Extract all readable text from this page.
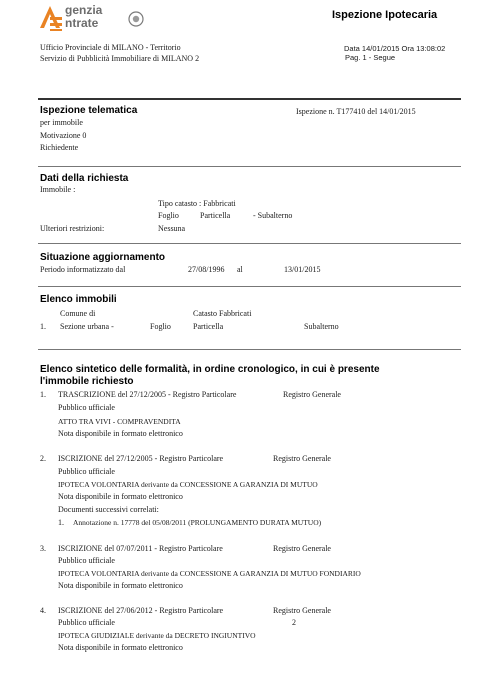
genzia
ntrate
Ispezione Ipotecaria
Ufficio Provinciale di MILANO - Territorio
Servizio di Pubblicità Immobiliare di MILANO 2
Data 14/01/2015 Ora 13:08:02
Pag. 1 - Segue
Ispezione telematica	Ispezione n. T177410 del 14/01/2015
per immobile
Motivazione 0
Richiedente
Dati della richiesta
Immobile :
Tipo catasto : Fabbricati
Foglio	Particella	- Subalterno
Ulteriori restrizioni:	Nessuna
Situazione aggiornamento
Periodo informatizzato dal	27/08/1996 al	13/01/2015
Elenco immobili
Comune di	Catasto Fabbricati
1. Sezione urbana -	Foglio	Particella	Subalterno
Elenco sintetico delle formalità, in ordine cronologico, in cui è presente
l'immobile richiesto
1. TRASCRIZIONE del 27/12/2005 - Registro Particolare	Registro Generale
Pubblico ufficiale
ATTO TRA VIVI - COMPRAVENDITA
Nota disponibile in formato elettronico
2. ISCRIZIONE del 27/12/2005 - Registro Particolare	Registro Generale
Pubblico ufficiale
IPOTECA VOLONTARIA derivante da CONCESSIONE A GARANZIA DI MUTUO
Nota disponibile in formato elettronico
Documenti successivi correlati:
1. Annotazione n. 17778 del 05/08/2011 (PROLUNGAMENTO DURATA MUTUO)
3. ISCRIZIONE del 07/07/2011 - Registro Particolare	Registro Generale
Pubblico ufficiale
IPOTECA VOLONTARIA derivante da CONCESSIONE A GARANZIA DI MUTUO FONDIARIO
Nota disponibile in formato elettronico
4. ISCRIZIONE del 27/06/2012 - Registro Particolare	Registro Generale
Pubblico ufficiale	2
IPOTECA GIUDIZIALE derivante da DECRETO INGIUNTIVO
Nota disponibile in formato elettronico
